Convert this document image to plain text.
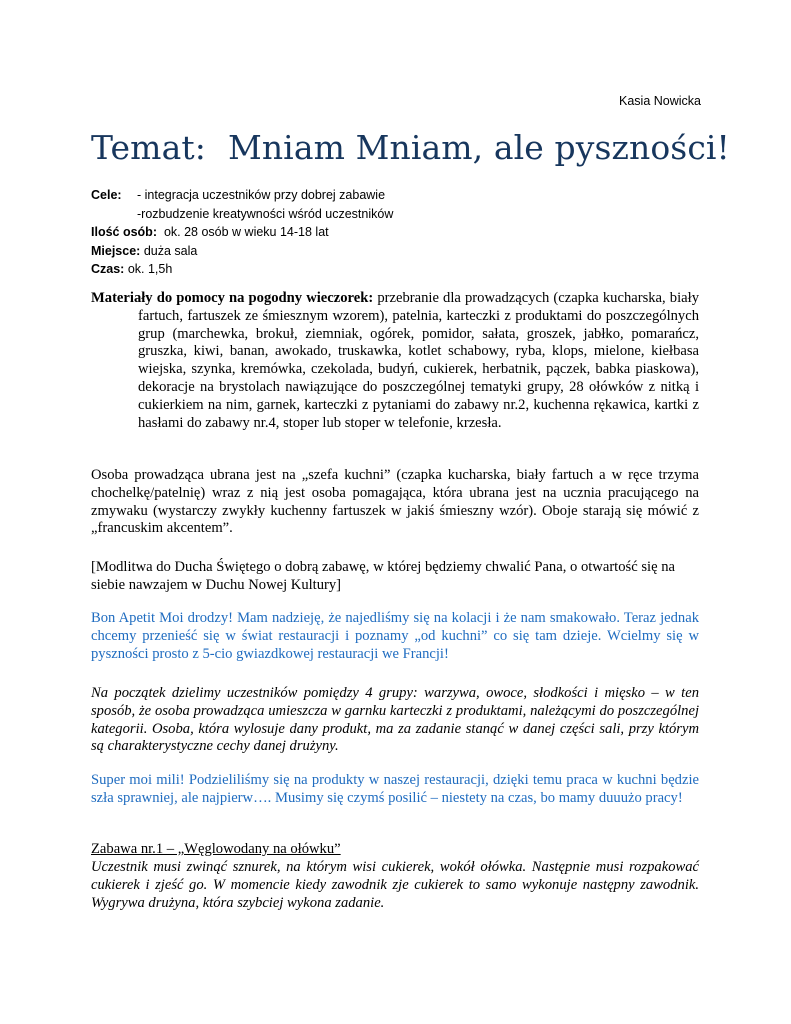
Kasia Nowicka
Temat: Mniam Mniam, ale pyszności!
Cele: - integracja uczestników przy dobrej zabawie
-rozbudzenie kreatywności wśród uczestników
Ilość osób: ok. 28 osób w wieku 14-18 lat
Miejsce: duża sala
Czas: ok. 1,5h
Materiały do pomocy na pogodny wieczorek: przebranie dla prowadzących (czapka kucharska, biały fartuch, fartuszek ze śmiesznym wzorem), patelnia, karteczki z produktami do poszczególnych grup (marchewka, brokuł, ziemniak, ogórek, pomidor, sałata, groszek, jabłko, pomarańcz, gruszka, kiwi, banan, awokado, truskawka, kotlet schabowy, ryba, klops, mielone, kiełbasa wiejska, szynka, kremówka, czekolada, budyń, cukierek, herbatnik, pączek, babka piaskowa), dekoracje na brystolach nawiązujące do poszczególnej tematyki grupy, 28 ołówków z nitką i cukierkiem na nim, garnek, karteczki z pytaniami do zabawy nr.2, kuchenna rękawica, kartki z hasłami do zabawy nr.4, stoper lub stoper w telefonie, krzesła.
Osoba prowadząca ubrana jest na „szefa kuchni” (czapka kucharska, biały fartuch a w ręce trzyma chochelkę/patelnię) wraz z nią jest osoba pomagająca, która ubrana jest na ucznia pracującego na zmywaku (wystarczy zwykły kuchenny fartuszek w jakiś śmieszny wzór). Oboje starają się mówić z „francuskim akcentem”.
[Modlitwa do Ducha Świętego o dobrą zabawę, w której będziemy chwalić Pana, o otwartość się na siebie nawzajem w Duchu Nowej Kultury]
Bon Apetit Moi drodzy! Mam nadzieję, że najedliśmy się na kolacji i że nam smakowało. Teraz jednak chcemy przenieść się w świat restauracji i poznamy „od kuchni” co się tam dzieje. Wcielmy się w pyszności prosto z 5-cio gwiazdkowej restauracji we Francji!
Na początek dzielimy uczestników pomiędzy 4 grupy: warzywa, owoce, słodkości i mięsko – w ten sposób, że osoba prowadząca umieszcza w garnku karteczki z produktami, należącymi do poszczególnej kategorii. Osoba, która wylosuje dany produkt, ma za zadanie stanąć w danej części sali, przy którym są charakterystyczne cechy danej drużyny.
Super moi mili! Podzieliliśmy się na produkty w naszej restauracji, dzięki temu praca w kuchni będzie szła sprawniej, ale najpierw…. Musimy się czymś posilić – niestety na czas, bo mamy duuużo pracy!
Zabawa nr.1 – „Węglowodany na ołówku”
Uczestnik musi zwinąć sznurek, na którym wisi cukierek, wokół ołówka. Następnie musi rozpakować cukierek i zjeść go. W momencie kiedy zawodnik zje cukierek to samo wykonuje następny zawodnik. Wygrywa drużyna, która szybciej wykona zadanie.
